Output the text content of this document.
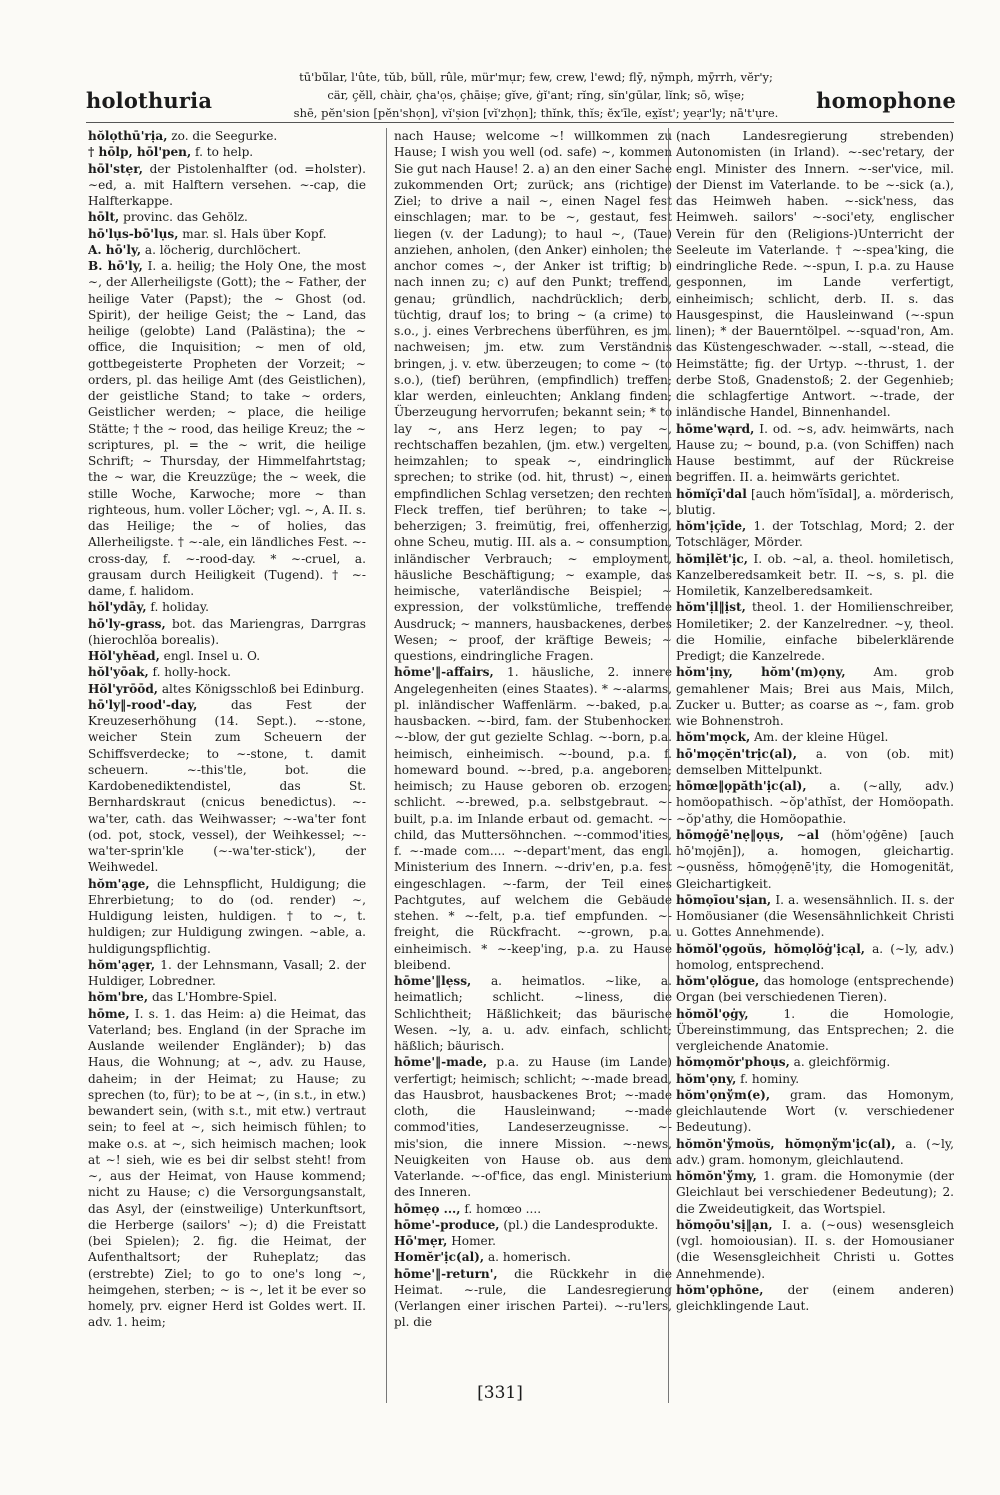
holothuria
tū'bū̆lar, l'ûte, tŭb, bŭll, rûle, mür'mụr; few, crew, l'ewd; flȳ, nȳmph, mȳrrh, vĕr'y;
cär, çĕll, chàir, çha'ọs, çhāiṣe; gĭve, ġĭ'ant; rĭng, sĭn'gūlar, lĭnk; sō, wīṣe;
shē, pĕn'sion [pĕn'shọn], vĭ'ṣion [vĭ'zhọn]; thĭnk, thĭs; ĕx'īle, ex̤ĭst'; yeạr'ly; nā't'ụre.	homophone

hŏlọthū'rịa, zo. die Seegurke.

† hōlp, hōl'pen, f. to help.

hōl'stẹr, der Pistolenhalfter (od. =holster). ∼ed, a. mit Halftern versehen. ∼-cap, die Halfterkappe.

hōlt, provinc. das Gehölz.

hō'lụs-bō'lụs, mar. sl. Hals über Kopf.

A. hō'ly, a. löcherig, durchlöchert.

B. hō'ly, I. a. heilig; the Holy One, the most ∼, der Allerheiligste (Gott); the ∼ Father, der heilige Vater (Papst); the ∼ Ghost (od. Spirit), der heilige Geist; the ∼ Land, das heilige (gelobte) Land (Palästina); the ∼ office, die Inquisition; ∼ men of old, gottbegeisterte Propheten der Vorzeit; ∼ orders, pl. das heilige Amt (des Geistlichen), der geistliche Stand; to take ∼ orders, Geistlicher werden; ∼ place, die heilige Stätte; † the ∼ rood, das heilige Kreuz; the ∼ scriptures, pl. = the ∼ writ, die heilige Schrift; ∼ Thursday, der Himmelfahrtstag; the ∼ war, die Kreuzzüge; the ∼ week, die stille Woche, Karwoche; more ∼ than righteous, hum. voller Löcher; vgl. ∼, A. II. s. das Heilige; the ∼ of holies, das Allerheiligste. † ∼-ale, ein ländliches Fest. ∼-cross-day, f. ∼-rood-day. * ∼-cruel, a. grausam durch Heiligkeit (Tugend). † ∼-dame, f. halidom.

hŏl'ydāy, f. holiday.

hō'ly-grass, bot. das Mariengras, Darrgras (hierochlŏa borealis).

Hŏl'yhĕad, engl. Insel u. O.

hŏl'yōak, f. holly-hock.

Hŏl'yrōōd, altes Königsschloß bei Edinburg.

hō'ly‖-rood'-day, das Fest der Kreuzeserhöhung (14. Sept.). ∼-stone, weicher Stein zum Scheuern der Schiffsverdecke; to ∼-stone, t. damit scheuern. ∼-this'tle, bot. die Kardobenediktendistel, das St. Bernhardskraut (cnicus benedictus). ∼-wa'ter, cath. das Weihwasser; ∼-wa'ter font (od. pot, stock, vessel), der Weihkessel; ∼-wa'ter-sprin'kle (∼-wa'ter-stick'), der Weihwedel.

hŏm'ạge, die Lehnspflicht, Huldigung; die Ehrerbietung; to do (od. render) ∼, Huldigung leisten, huldigen. † to ∼, t. huldigen; zur Huldigung zwingen. ∼able, a. huldigungspflichtig.

hŏm'ạgẹr, 1. der Lehnsmann, Vasall; 2. der Huldiger, Lobredner.

hŏm'bre, das L'Hombre-Spiel.

hōme, I. s. 1. das Heim: a) die Heimat, das Vaterland; bes. England (in der Sprache im Auslande weilender Engländer); b) das Haus, die Wohnung; at ∼, adv. zu Hause, daheim; in der Heimat; zu Hause; zu sprechen (to, für); to be at ∼, (in s.t., in etw.) bewandert sein, (with s.t., mit etw.) vertraut sein; to feel at ∼, sich heimisch fühlen; to make o.s. at ∼, sich heimisch machen; look at ∼! sieh, wie es bei dir selbst steht! from ∼, aus der Heimat, von Hause kommend; nicht zu Hause; c) die Versorgungsanstalt, das Asyl, der (einstweilige) Unterkunftsort, die Herberge (sailors' ∼); d) die Freistatt (bei Spielen); 2. fig. die Heimat, der Aufenthaltsort; der Ruheplatz; das (erstrebte) Ziel; to go to one's long ∼, heimgehen, sterben; ∼ is ∼, let it be ever so homely, prv. eigner Herd ist Goldes wert. II. adv. 1. heim;

nach Hause; welcome ∼! willkommen zu Hause; I wish you well (od. safe) ∼, kommen Sie gut nach Hause! 2. a) an den einer Sache zukommenden Ort; zurück; ans (richtige) Ziel; to drive a nail ∼, einen Nagel fest einschlagen; mar. to be ∼, gestaut, fest liegen (v. der Ladung); to haul ∼, (Taue) anziehen, anholen, (den Anker) einholen; the anchor comes ∼, der Anker ist triftig; b) nach innen zu; c) auf den Punkt; treffend, genau; gründlich, nachdrücklich; derb, tüchtig, drauf los; to bring ∼ (a crime) to s.o., j. eines Verbrechens überführen, es jm. nachweisen; jm. etw. zum Verständnis bringen, j. v. etw. überzeugen; to come ∼ (to s.o.), (tief) berühren, (empfindlich) treffen; klar werden, einleuchten; Anklang finden; Überzeugung hervorrufen; bekannt sein; * to lay ∼, ans Herz legen; to pay ∼, rechtschaffen bezahlen, (jm. etw.) vergelten, heimzahlen; to speak ∼, eindringlich sprechen; to strike (od. hit, thrust) ∼, einen empfindlichen Schlag versetzen; den rechten Fleck treffen, tief berühren; to take ∼, beherzigen; 3. freimütig, frei, offenherzig, ohne Scheu, mutig. III. als a. ∼ consumption, inländischer Verbrauch; ∼ employment, häusliche Beschäftigung; ∼ example, das heimische, vaterländische Beispiel; ∼ expression, der volkstümliche, treffende Ausdruck; ∼ manners, hausbackenes, derbes Wesen; ∼ proof, der kräftige Beweis; ∼ questions, eindringliche Fragen.

hōme'‖-affairs, 1. häusliche, 2. innere Angelegenheiten (eines Staates). * ∼-alarms, pl. inländischer Waffenlärm. ∼-baked, p.a. hausbacken. ∼-bird, fam. der Stubenhocker. ∼-blow, der gut gezielte Schlag. ∼-born, p.a. heimisch, einheimisch. ∼-bound, p.a. f. homeward bound. ∼-bred, p.a. angeboren; heimisch; zu Hause geboren ob. erzogen; schlicht. ∼-brewed, p.a. selbstgebraut. ∼-built, p.a. im Inlande erbaut od. gemacht. ∼-child, das Muttersöhnchen. ∼-commod'ities, f. ∼-made com.... ∼-depart'ment, das engl. Ministerium des Innern. ∼-driv'en, p.a. fest eingeschlagen. ∼-farm, der Teil eines Pachtgutes, auf welchem die Gebäude stehen. * ∼-felt, p.a. tief empfunden. ∼-freight, die Rückfracht. ∼-grown, p.a. einheimisch. * ∼-keep'ing, p.a. zu Hause bleibend.

hōme'‖lẹss, a. heimatlos. ∼like, a. heimatlich; schlicht. ∼liness, die Schlichtheit; Häßlichkeit; das bäurische Wesen. ∼ly, a. u. adv. einfach, schlicht; häßlich; bäurisch.

hōme'‖-made, p.a. zu Hause (im Lande) verfertigt; heimisch; schlicht; ∼-made bread, das Hausbrot, hausbackenes Brot; ∼-made cloth, die Hausleinwand; ∼-made commod'ities, Landeserzeugnisse. ∼-mis'sion, die innere Mission. ∼-news, Neuigkeiten von Hause ob. aus dem Vaterlande. ∼-of'fice, das engl. Ministerium des Inneren.

hōmẹọ ..., f. homœo ....

hōme'-produce, (pl.) die Landesprodukte.

Hō'mẹr, Homer.

Homĕr'ịc(al), a. homerisch.

hōme'‖-return', die Rückkehr in die Heimat. ∼-rule, die Landesregierung (Verlangen einer irischen Partei). ∼-ru'lers, pl. die

(nach Landesregierung strebenden) Autonomisten (in Irland). ∼-sec'retary, der engl. Minister des Innern. ∼-ser'vice, mil. der Dienst im Vaterlande. to be ∼-sick (a.), das Heimweh haben. ∼-sick'ness, das Heimweh. sailors' ∼-soci'ety, englischer Verein für den (Religions-)Unterricht der Seeleute im Vaterlande. † ∼-spea'king, die eindringliche Rede. ∼-spun, I. p.a. zu Hause gesponnen, im Lande verfertigt, einheimisch; schlicht, derb. II. s. das Hausgespinst, die Hausleinwand (∼-spun linen); * der Bauerntölpel. ∼-squad'ron, Am. das Küstengeschwader. ∼-stall, ∼-stead, die Heimstätte; fig. der Urtyp. ∼-thrust, 1. der derbe Stoß, Gnadenstoß; 2. der Gegenhieb; die schlagfertige Antwort. ∼-trade, der inländische Handel, Binnenhandel.

hōme'wạrd, I. od. ∼s, adv. heimwärts, nach Hause zu; ∼ bound, p.a. (von Schiffen) nach Hause bestimmt, auf der Rückreise begriffen. II. a. heimwärts gerichtet.

hŏmĭçī'dal [auch hŏm'ĭsīdal], a. mörderisch, blutig.

hŏm'ịçīde, 1. der Totschlag, Mord; 2. der Totschläger, Mörder.

hŏmịlĕt'ịc, I. ob. ∼al, a. theol. homiletisch, Kanzelberedsamkeit betr. II. ∼s, s. pl. die Homiletik, Kanzelberedsamkeit.

hŏm'ịl‖ịst, theol. 1. der Homilienschreiber, Homiletiker; 2. der Kanzelredner. ∼y, theol. die Homilie, einfache bibelerklärende Predigt; die Kanzelrede.

hŏm'ịny, hŏm'(m)ọny, Am. grob gemahlener Mais; Brei aus Mais, Milch, Zucker u. Butter; as coarse as ∼, fam. grob wie Bohnenstroh.

hŏm'mọck, Am. der kleine Hügel.

hō'mọçĕn'trịc(al), a. von (ob. mit) demselben Mittelpunkt.

hōmœ‖ọpăth'ịc(al), a. (∼ally, adv.) homöopathisch. ∼ŏp'athĭst, der Homöopath. ∼ŏp'athy, die Homöopathie.

hōmọġē'nẹ‖ọụs, ∼al (hŏm'ọġēne) [auch hō'mọjēn]), a. homogen, gleichartig. ∼ọusnĕss, hōmọġẹnē'ịty, die Homogenität, Gleichartigkeit.

hōmọīou'sịan, I. a. wesensähnlich. II. s. der Homöusianer (die Wesensähnlichkeit Christi u. Gottes Annehmende).

hŏmŏl'ọgoŭs, hŏmọlŏġ'ịcạl, a. (∼ly, adv.) homolog, entsprechend.

hŏm'ọlŏgue, das homologe (entsprechende) Organ (bei verschiedenen Tieren).

hŏmŏl'ọġy, 1. die Homologie, Übereinstimmung, das Entsprechen; 2. die vergleichende Anatomie.

hŏmọmŏr'phoụs, a. gleichförmig.

hŏm'ọny, f. hominy.

hŏm'ọnўm(e), gram. das Homonym, gleichlautende Wort (v. verschiedener Bedeutung).

hŏmŏn'ўmoŭs, hŏmọnўm'ịc(al), a. (∼ly, adv.) gram. homonym, gleichlautend.

hŏmŏn'ўmy, 1. gram. die Homonymie (der Gleichlaut bei verschiedener Bedeutung); 2. die Zweideutigkeit, das Wortspiel.

hŏmọōu'sị‖ạn, I. a. (∼ous) wesensgleich (vgl. homoiousian). II. s. der Homousianer (die Wesensgleichheit Christi u. Gottes Annehmende).

hŏm'ọphōne, der (einem anderen) gleichklingende Laut.

[331]
